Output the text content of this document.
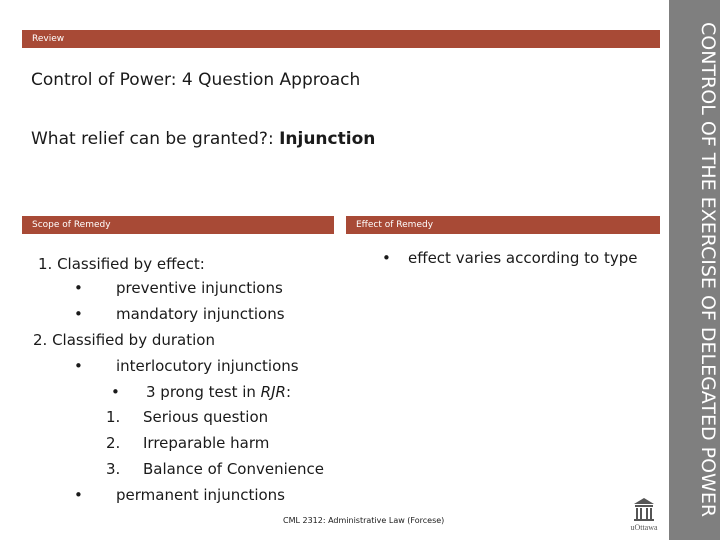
CONTROL OF THE EXERCISE OF DELEGATED POWER
Review
Control of Power: 4 Question Approach
What relief can be granted?: Injunction
Scope of Remedy	Effect of Remedy
• effect varies according to type
1. Classified by effect:
• preventive injunctions
• mandatory injunctions
2. Classified by duration
• interlocutory injunctions
• 3 prong test in RJR:
1. Serious question
2. Irreparable harm
3. Balance of Convenience
• permanent injunctions
CML 2312: Administrative Law (Forcese)
uOttawa
